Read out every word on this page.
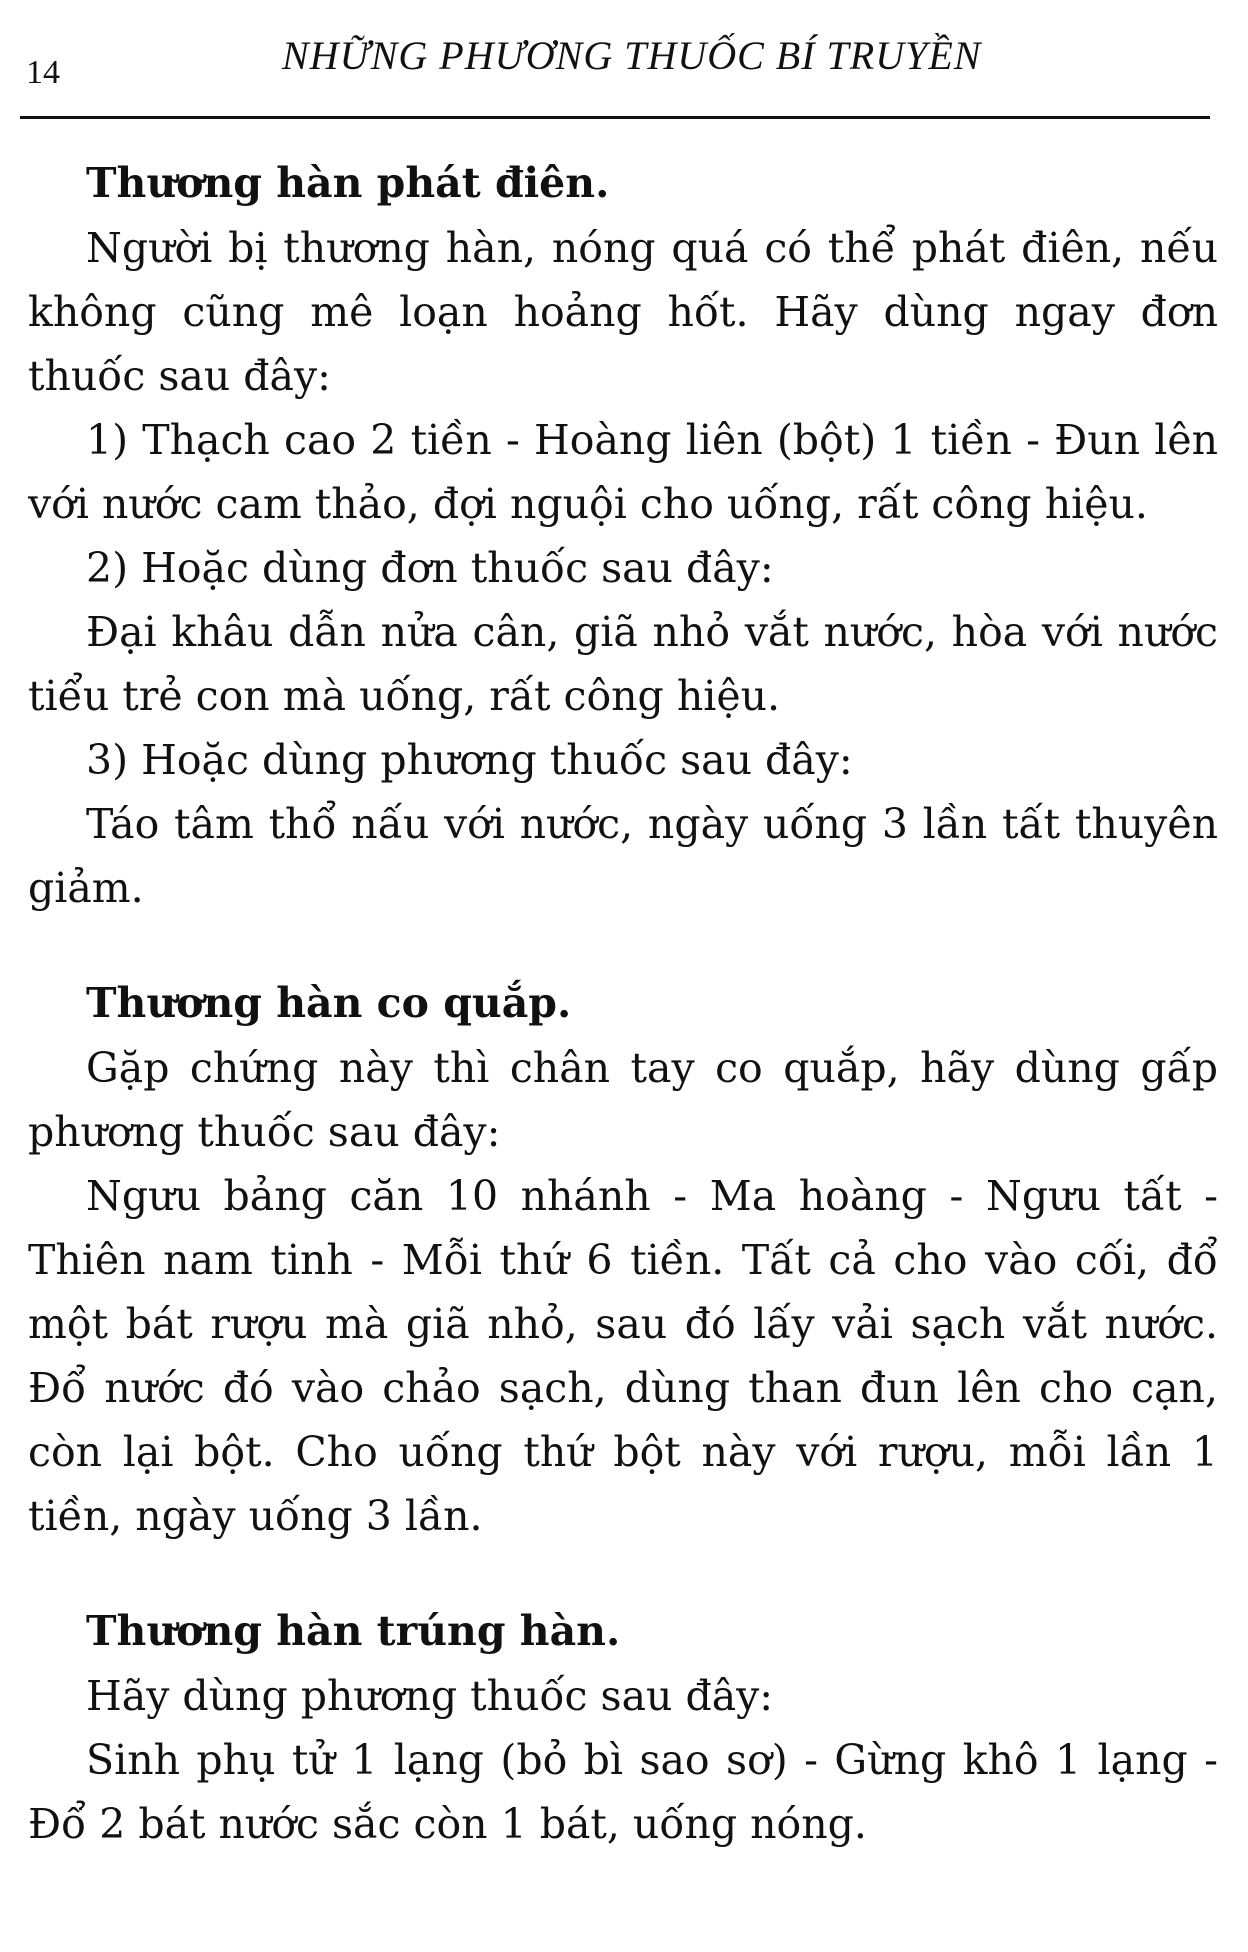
14	NHỮNG PHƯƠNG THUỐC BÍ TRUYỀN
Thương hàn phát điên.

Người bị thương hàn, nóng quá có thể phát điên, nếu không cũng mê loạn hoảng hốt. Hãy dùng ngay đơn thuốc sau đây:

1) Thạch cao 2 tiền - Hoàng liên (bột) 1 tiền - Đun lên với nước cam thảo, đợi nguội cho uống, rất công hiệu.

2) Hoặc dùng đơn thuốc sau đây:

Đại khâu dẫn nửa cân, giã nhỏ vắt nước, hòa với nước tiểu trẻ con mà uống, rất công hiệu.

3) Hoặc dùng phương thuốc sau đây:

Táo tâm thổ nấu với nước, ngày uống 3 lần tất thuyên giảm.

Thương hàn co quắp.

Gặp chứng này thì chân tay co quắp, hãy dùng gấp phương thuốc sau đây:

Ngưu bảng căn 10 nhánh - Ma hoàng - Ngưu tất - Thiên nam tinh - Mỗi thứ 6 tiền. Tất cả cho vào cối, đổ một bát rượu mà giã nhỏ, sau đó lấy vải sạch vắt nước. Đổ nước đó vào chảo sạch, dùng than đun lên cho cạn, còn lại bột. Cho uống thứ bột này với rượu, mỗi lần 1 tiền, ngày uống 3 lần.

Thương hàn trúng hàn.

Hãy dùng phương thuốc sau đây:

Sinh phụ tử 1 lạng (bỏ bì sao sơ) - Gừng khô 1 lạng - Đổ 2 bát nước sắc còn 1 bát, uống nóng.
